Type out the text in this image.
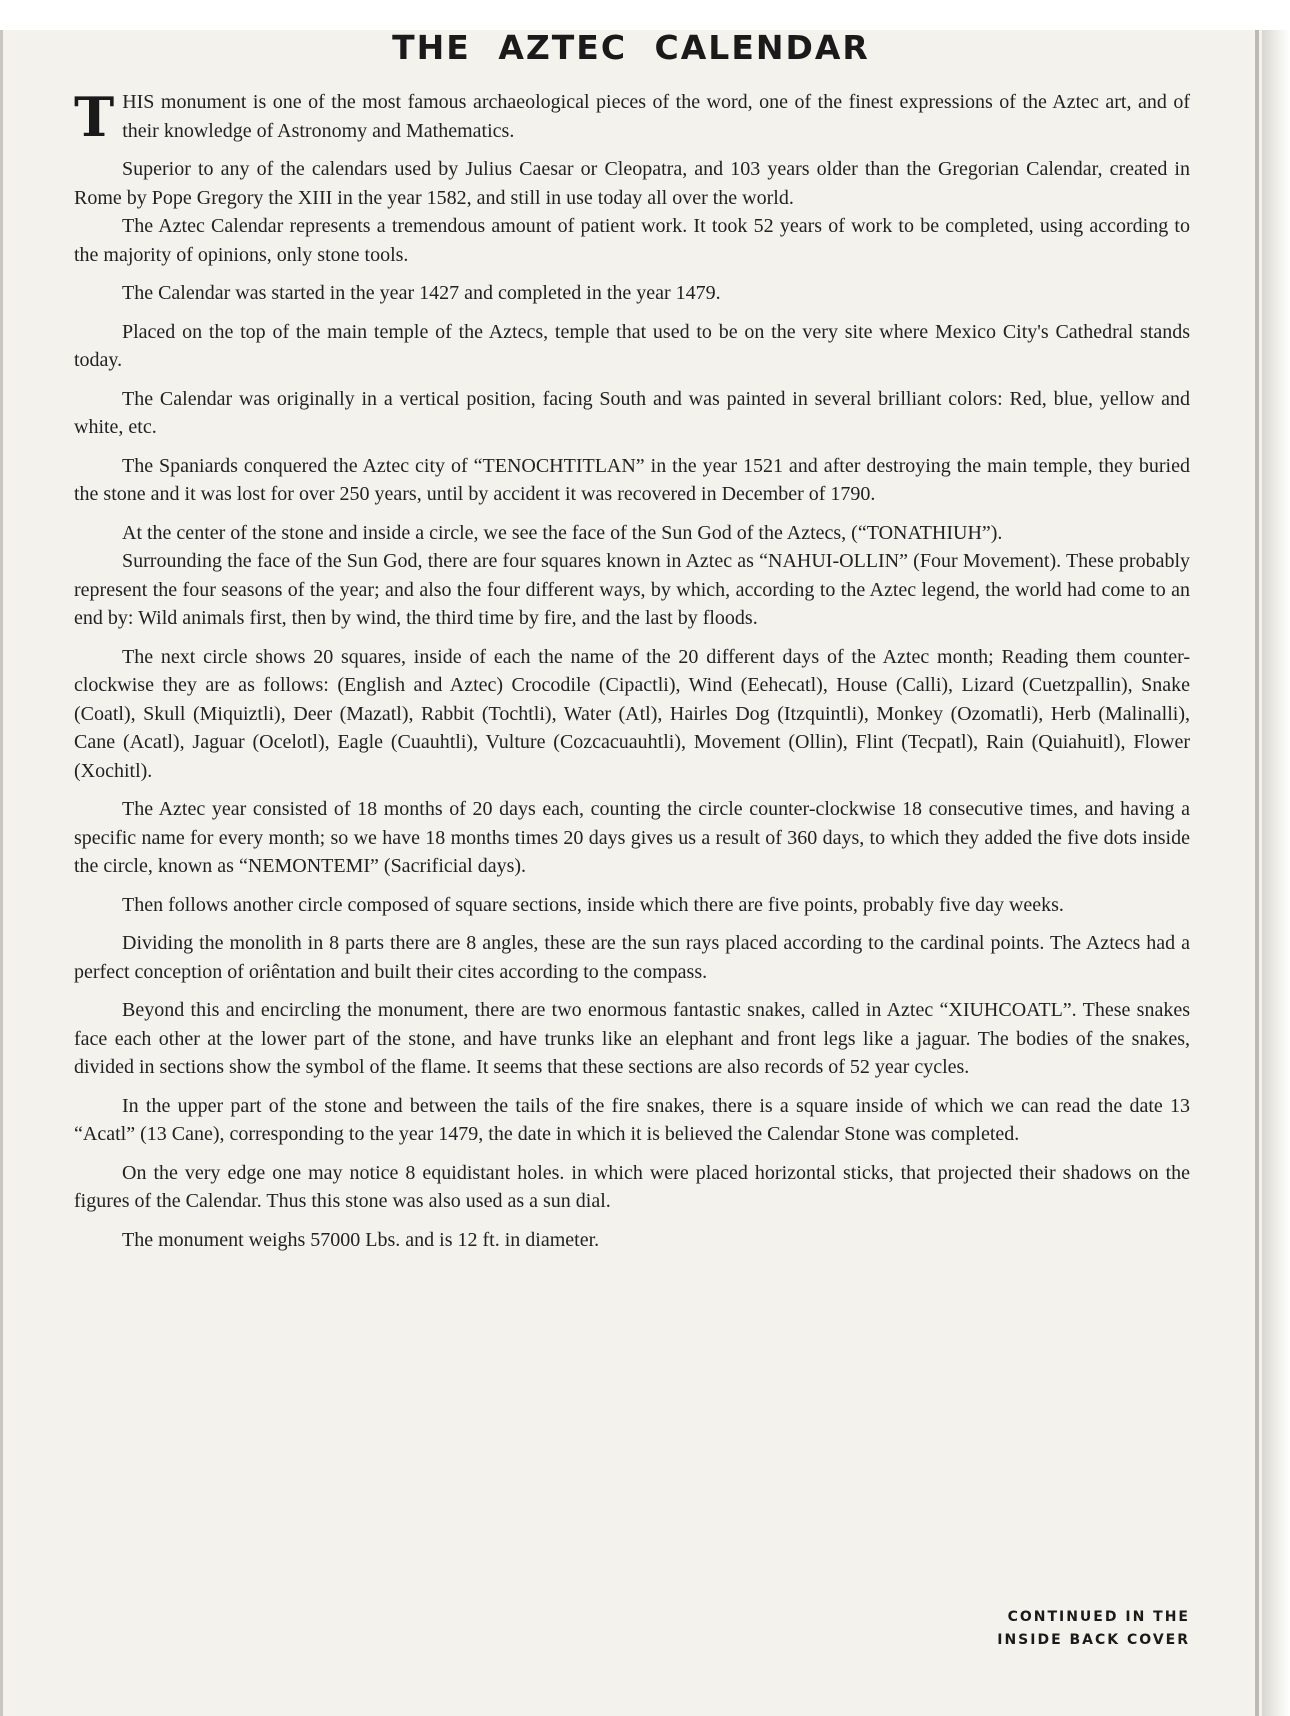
THE AZTEC CALENDAR

THIS monument is one of the most famous archaeological pieces of the word, one of the finest expressions of the Aztec art, and of their knowledge of Astronomy and Mathematics.

Superior to any of the calendars used by Julius Caesar or Cleopatra, and 103 years older than the Gregorian Calendar, created in Rome by Pope Gregory the XIII in the year 1582, and still in use today all over the world.

The Aztec Calendar represents a tremendous amount of patient work. It took 52 years of work to be completed, using according to the majority of opinions, only stone tools.

The Calendar was started in the year 1427 and completed in the year 1479.

Placed on the top of the main temple of the Aztecs, temple that used to be on the very site where Mexico City's Cathedral stands today.

The Calendar was originally in a vertical position, facing South and was painted in several brilliant colors: Red, blue, yellow and white, etc.

The Spaniards conquered the Aztec city of “TENOCHTITLAN” in the year 1521 and after destroying the main temple, they buried the stone and it was lost for over 250 years, until by accident it was recovered in December of 1790.

At the center of the stone and inside a circle, we see the face of the Sun God of the Aztecs, (“TONATHIUH”).

Surrounding the face of the Sun God, there are four squares known in Aztec as “NAHUI-OLLIN” (Four Movement). These probably represent the four seasons of the year; and also the four different ways, by which, according to the Aztec legend, the world had come to an end by: Wild animals first, then by wind, the third time by fire, and the last by floods.

The next circle shows 20 squares, inside of each the name of the 20 different days of the Aztec month; Reading them counter-clockwise they are as follows: (English and Aztec) Crocodile (Cipactli), Wind (Eehecatl), House (Calli), Lizard (Cuetzpallin), Snake (Coatl), Skull (Miquiztli), Deer (Mazatl), Rabbit (Tochtli), Water (Atl), Hairles Dog (Itzquintli), Monkey (Ozomatli), Herb (Malinalli), Cane (Acatl), Jaguar (Ocelotl), Eagle (Cuauhtli), Vulture (Cozcacuauhtli), Movement (Ollin), Flint (Tecpatl), Rain (Quiahuitl), Flower (Xochitl).

The Aztec year consisted of 18 months of 20 days each, counting the circle counter-clockwise 18 consecutive times, and having a specific name for every month; so we have 18 months times 20 days gives us a result of 360 days, to which they added the five dots inside the circle, known as “NEMONTEMI” (Sacrificial days).

Then follows another circle composed of square sections, inside which there are five points, probably five day weeks.

Dividing the monolith in 8 parts there are 8 angles, these are the sun rays placed according to the cardinal points. The Aztecs had a perfect conception of oriêntation and built their cites according to the compass.

Beyond this and encircling the monument, there are two enormous fantastic snakes, called in Aztec “XIUHCOATL”. These snakes face each other at the lower part of the stone, and have trunks like an elephant and front legs like a jaguar. The bodies of the snakes, divided in sections show the symbol of the flame. It seems that these sections are also records of 52 year cycles.

In the upper part of the stone and between the tails of the fire snakes, there is a square inside of which we can read the date 13 “Acatl” (13 Cane), corresponding to the year 1479, the date in which it is believed the Calendar Stone was completed.

On the very edge one may notice 8 equidistant holes. in which were placed horizontal sticks, that projected their shadows on the figures of the Calendar. Thus this stone was also used as a sun dial.

The monument weighs 57000 Lbs. and is 12 ft. in diameter.

CONTINUED IN THE
INSIDE BACK COVER
